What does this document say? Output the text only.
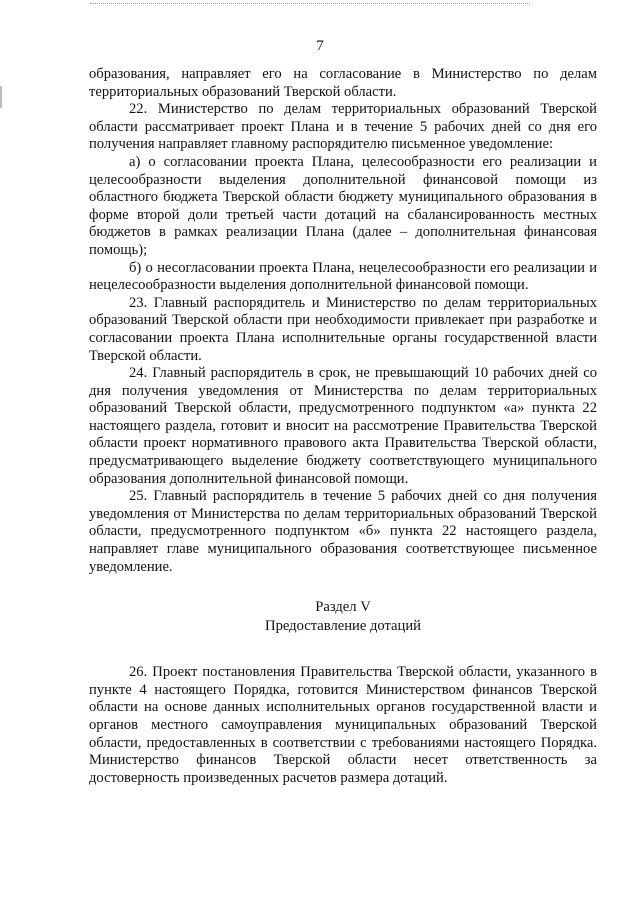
7

образования, направляет его на согласование в Министерство по делам территориальных образований Тверской области.

22. Министерство по делам территориальных образований Тверской области рассматривает проект Плана и в течение 5 рабочих дней со дня его получения направляет главному распорядителю письменное уведомление:

а) о согласовании проекта Плана, целесообразности его реализации и целесообразности выделения дополнительной финансовой помощи из областного бюджета Тверской области бюджету муниципального образования в форме второй доли третьей части дотаций на сбалансированность местных бюджетов в рамках реализации Плана (далее – дополнительная финансовая помощь);

б) о несогласовании проекта Плана, нецелесообразности его реализации и нецелесообразности выделения дополнительной финансовой помощи.

23. Главный распорядитель и Министерство по делам территориальных образований Тверской области при необходимости привлекает при разработке и согласовании проекта Плана исполнительные органы государственной власти Тверской области.

24. Главный распорядитель в срок, не превышающий 10 рабочих дней со дня получения уведомления от Министерства по делам территориальных образований Тверской области, предусмотренного подпунктом «а» пункта 22 настоящего раздела, готовит и вносит на рассмотрение Правительства Тверской области проект нормативного правового акта Правительства Тверской области, предусматривающего выделение бюджету соответствующего муниципального образования дополнительной финансовой помощи.

25. Главный распорядитель в течение 5 рабочих дней со дня получения уведомления от Министерства по делам территориальных образований Тверской области, предусмотренного подпунктом «б» пункта 22 настоящего раздела, направляет главе муниципального образования соответствующее письменное уведомление.

Раздел V
Предоставление дотаций

26. Проект постановления Правительства Тверской области, указанного в пункте 4 настоящего Порядка, готовится Министерством финансов Тверской области на основе данных исполнительных органов государственной власти и органов местного самоуправления муниципальных образований Тверской области, предоставленных в соответствии с требованиями настоящего Порядка. Министерство финансов Тверской области несет ответственность за достоверность произведенных расчетов размера дотаций.
